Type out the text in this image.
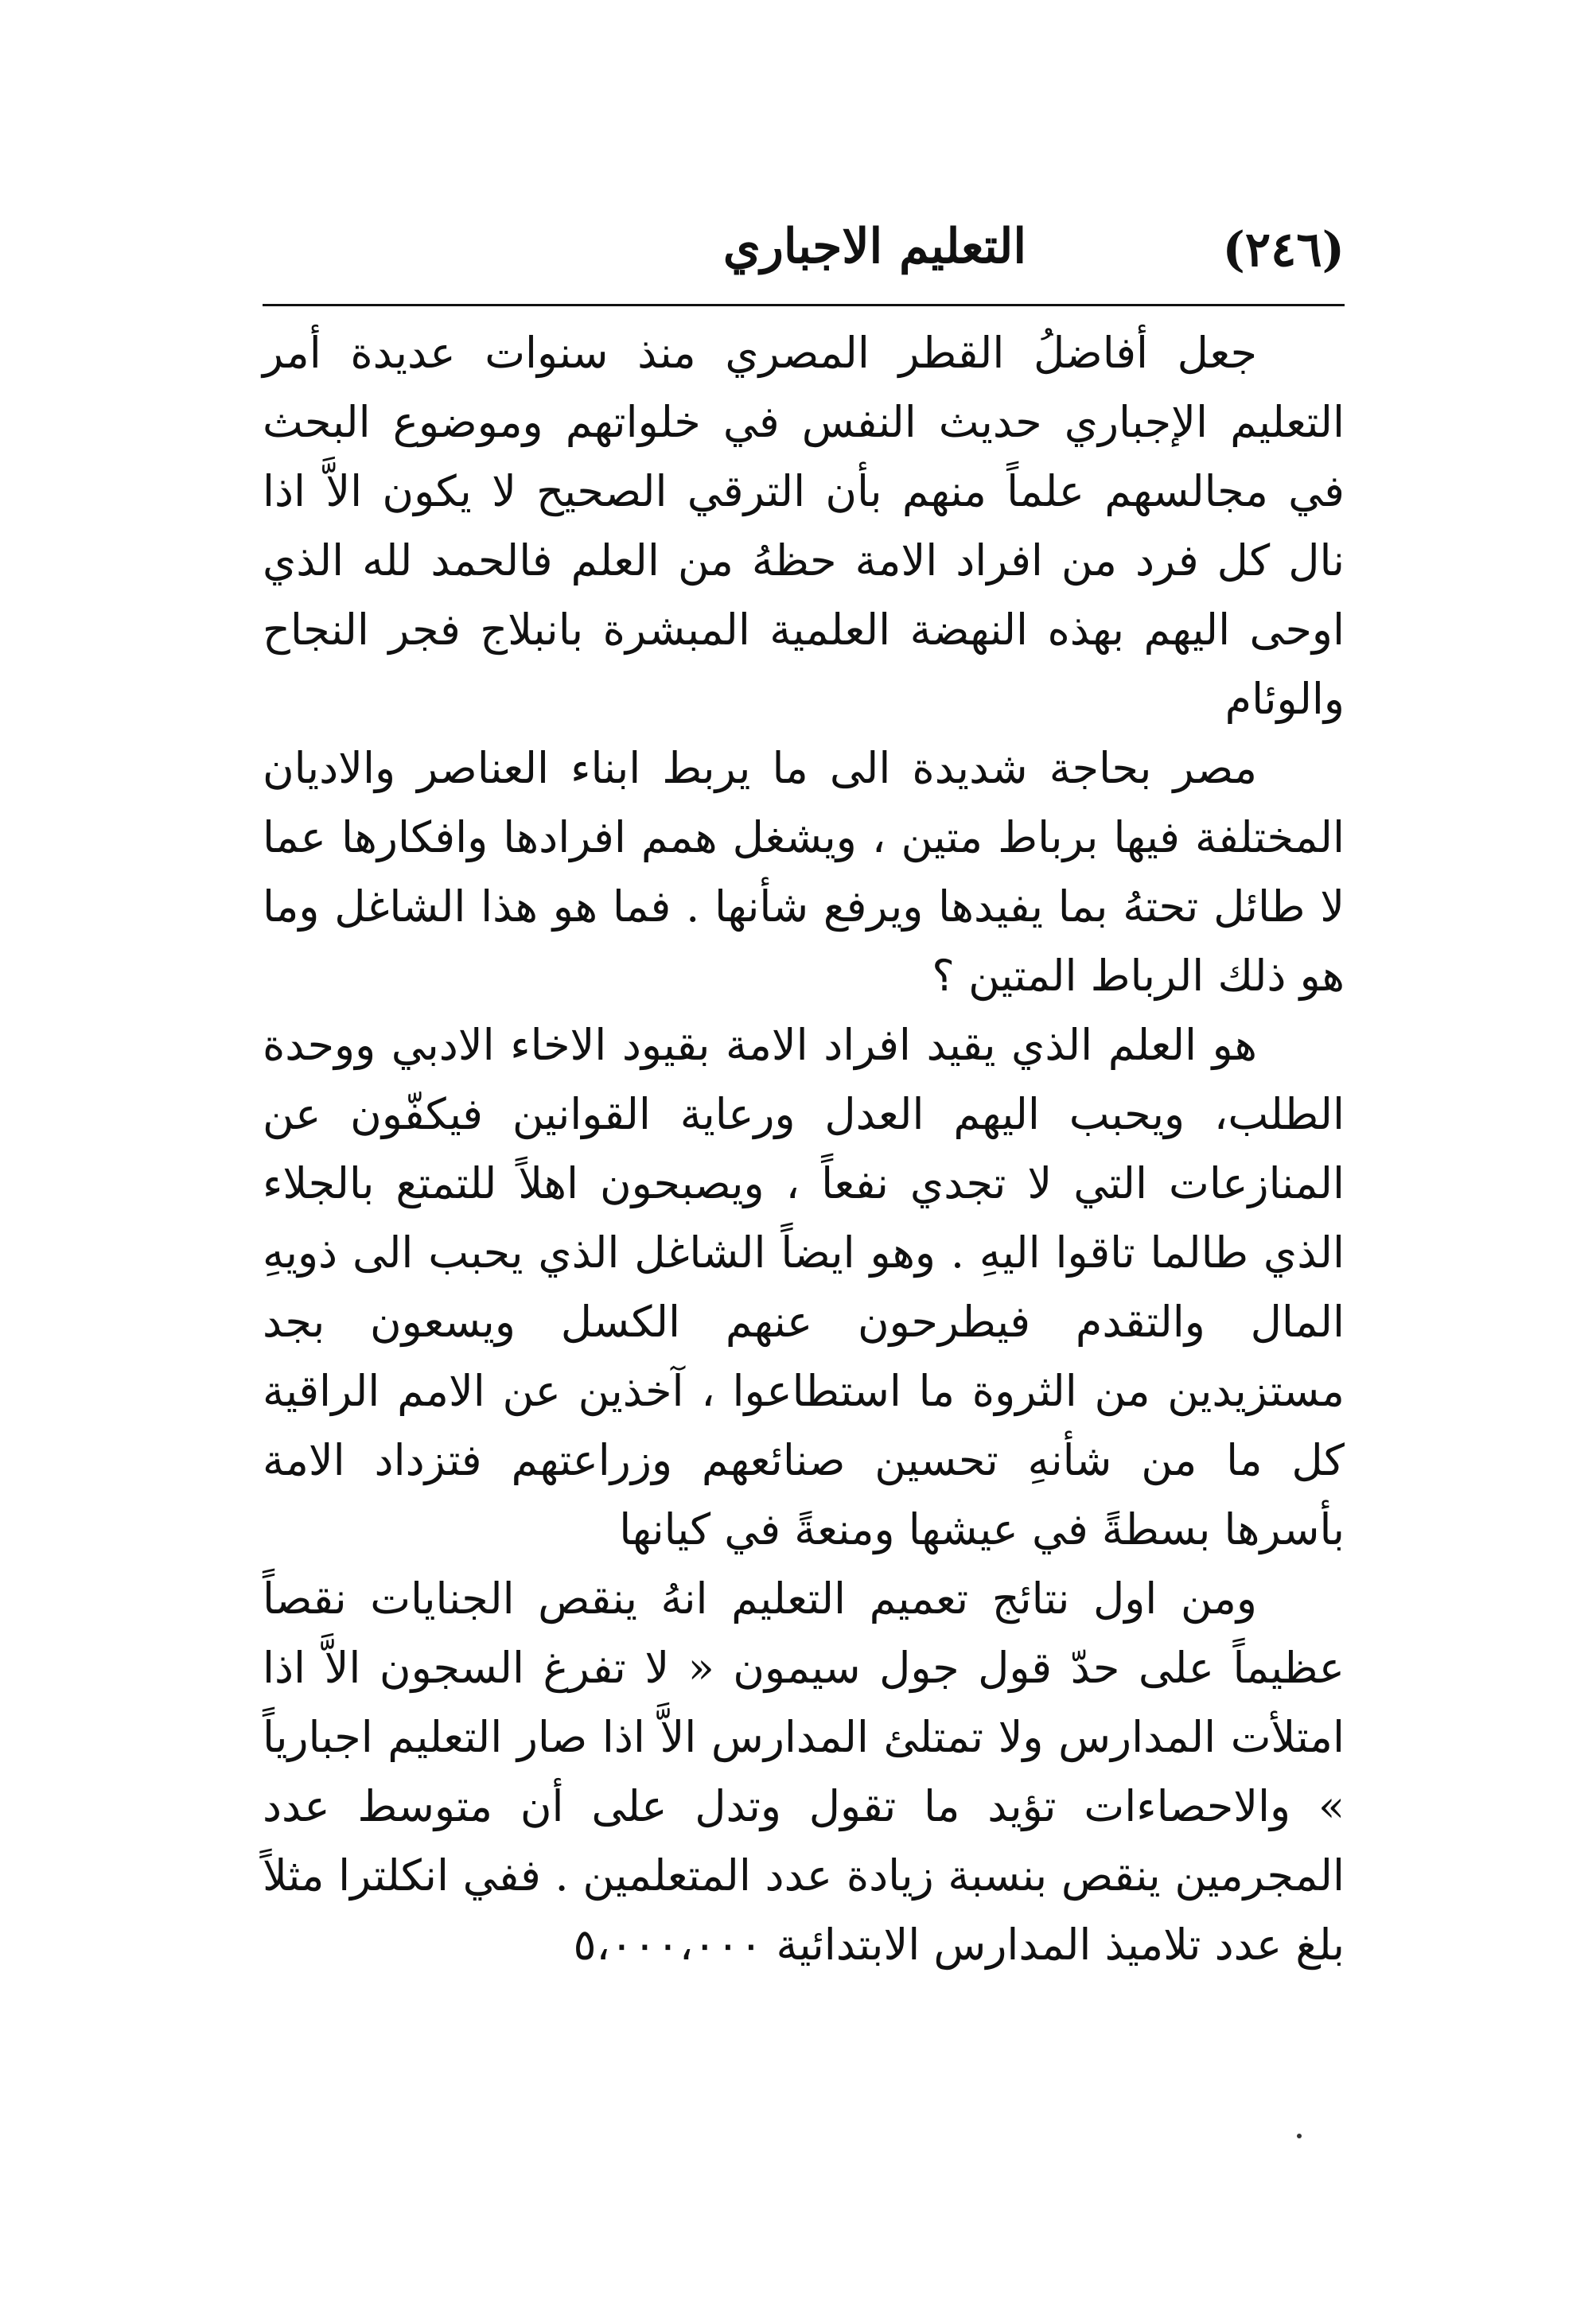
(٢٤٦)
التعليم الاجباري

جعل أفاضلُ القطر المصري منذ سنوات عديدة أمر التعليم الإجباري حديث النفس في خلواتهم وموضوع البحث في مجالسهم علماً منهم بأن الترقي الصحيح لا يكون الاَّ اذا نال كل فرد من افراد الامة حظهُ من العلم فالحمد لله الذي اوحى اليهم بهذه النهضة العلمية المبشرة بانبلاج فجر النجاح والوئام

مصر بحاجة شديدة الى ما يربط ابناء العناصر والاديان المختلفة فيها برباط متين ، ويشغل همم افرادها وافكارها عما لا طائل تحتهُ بما يفيدها ويرفع شأنها . فما هو هذا الشاغل وما هو ذلك الرباط المتين ؟

هو العلم الذي يقيد افراد الامة بقيود الاخاء الادبي ووحدة الطلب، ويحبب اليهم العدل ورعاية القوانين فيكفّون عن المنازعات التي لا تجدي نفعاً ، ويصبحون اهلاً للتمتع بالجلاء الذي طالما تاقوا اليهِ . وهو ايضاً الشاغل الذي يحبب الى ذويهِ المال والتقدم فيطرحون عنهم الكسل ويسعون بجد مستزيدين من الثروة ما استطاعوا ، آخذين عن الامم الراقية كل ما من شأنهِ تحسين صنائعهم وزراعتهم فتزداد الامة بأسرها بسطةً في عيشها ومنعةً في كيانها

ومن اول نتائج تعميم التعليم انهُ ينقص الجنايات نقصاً عظيماً على حدّ قول جول سيمون « لا تفرغ السجون الاَّ اذا امتلأت المدارس ولا تمتلئ المدارس الاَّ اذا صار التعليم اجبارياً » والاحصاءات تؤيد ما تقول وتدل على أن متوسط عدد المجرمين ينقص بنسبة زيادة عدد المتعلمين . ففي انكلترا مثلاً بلغ عدد تلاميذ المدارس الابتدائية ٥،٠٠٠،٠٠٠
